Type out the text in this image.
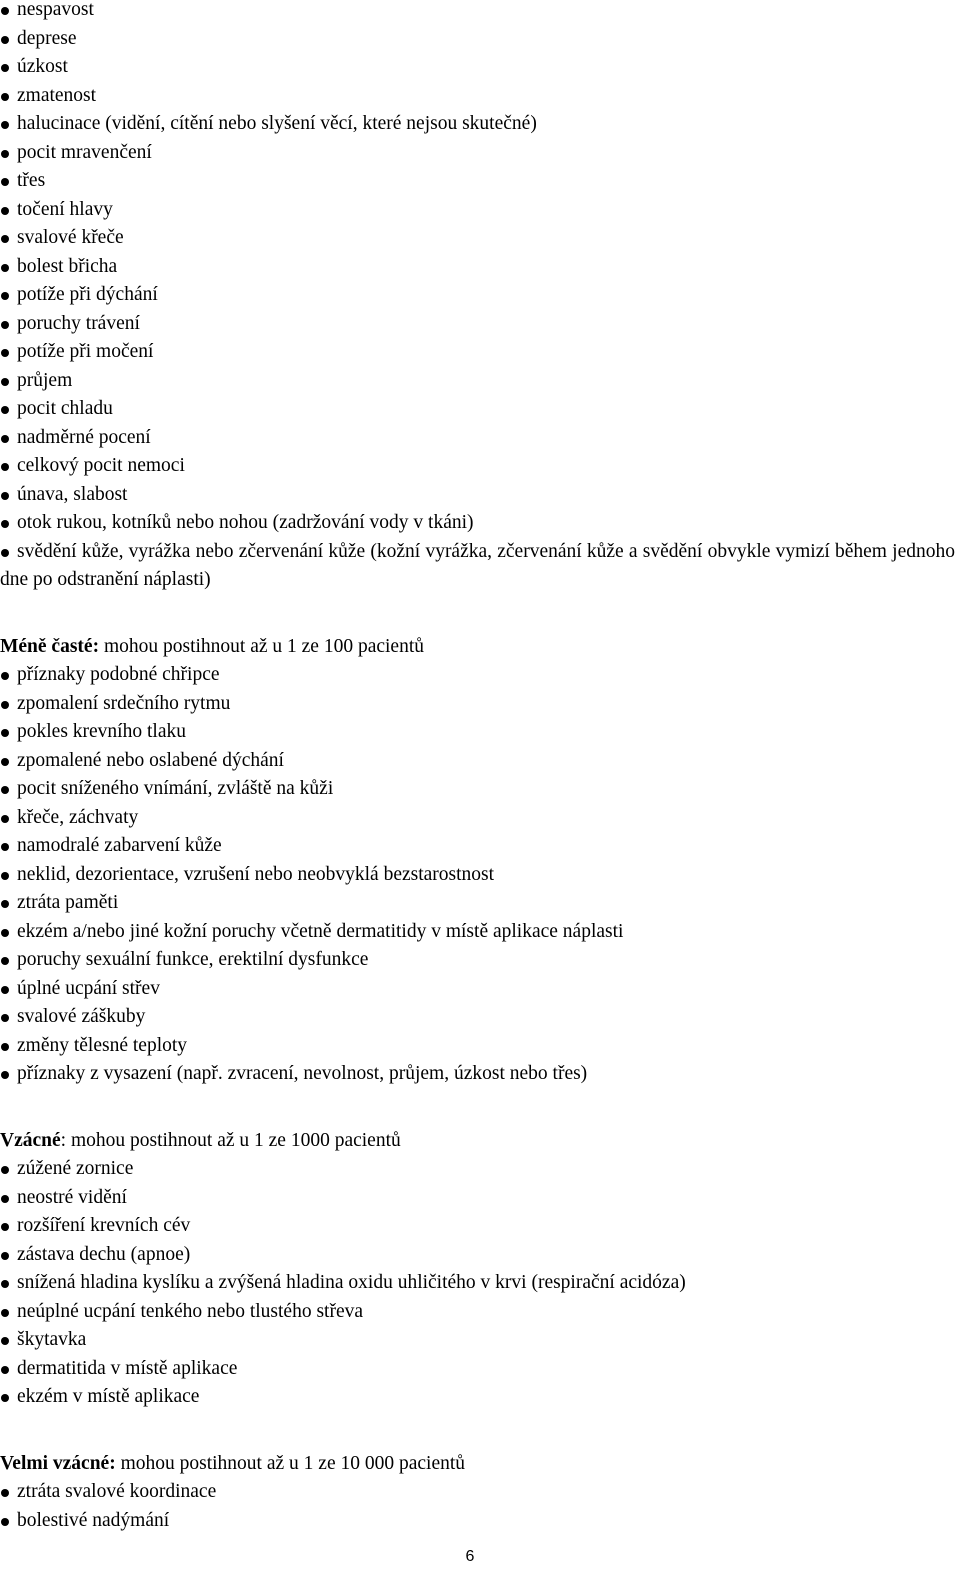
nespavost
deprese
úzkost
zmatenost
halucinace (vidění, cítění nebo slyšení věcí, které nejsou skutečné)
pocit mravenčení
třes
točení hlavy
svalové křeče
bolest břicha
potíže při dýchání
poruchy trávení
potíže při močení
průjem
pocit chladu
nadměrné pocení
celkový pocit nemoci
únava, slabost
otok rukou, kotníků nebo nohou (zadržování vody v tkáni)
svědění kůže, vyrážka nebo zčervenání kůže (kožní vyrážka, zčervenání kůže a svědění obvykle vymizí během jednoho dne po odstranění náplasti)
Méně časté: mohou postihnout až u 1 ze 100 pacientů
příznaky podobné chřipce
zpomalení srdečního rytmu
pokles krevního tlaku
zpomalené nebo oslabené dýchání
pocit sníženého vnímání, zvláště na kůži
křeče, záchvaty
namodralé zabarvení kůže
neklid, dezorientace, vzrušení nebo neobvyklá bezstarostnost
ztráta paměti
ekzém a/nebo jiné kožní poruchy včetně dermatitidy v místě aplikace náplasti
poruchy sexuální funkce, erektilní dysfunkce
úplné ucpání střev
svalové záškuby
změny tělesné teploty
příznaky z vysazení (např. zvracení, nevolnost, průjem, úzkost nebo třes)
Vzácné: mohou postihnout až u 1 ze 1000 pacientů
zúžené zornice
neostré vidění
rozšíření krevních cév
zástava dechu (apnoe)
snížená hladina kyslíku a zvýšená hladina oxidu uhličitého v krvi (respirační acidóza)
neúplné ucpání tenkého nebo tlustého střeva
škytavka
dermatitida v místě aplikace
ekzém v místě aplikace
Velmi vzácné: mohou postihnout až u 1 ze 10 000 pacientů
ztráta svalové koordinace
bolestivé nadýmání
6
